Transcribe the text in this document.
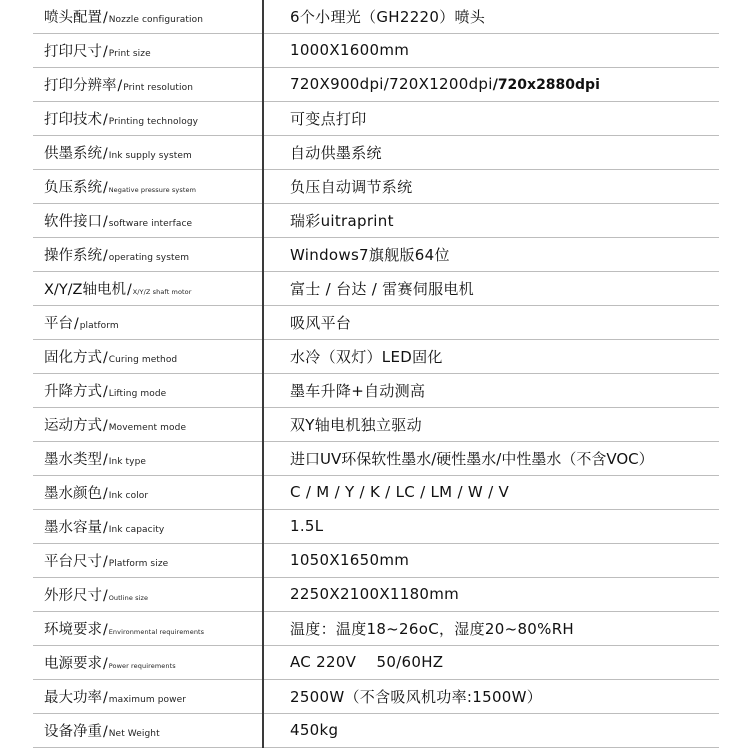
喷头配置/Nozzle configuration	6个小理光（GH2220）喷头
打印尺寸/Print size	1000X1600mm
打印分辨率/Print resolution	720X900dpi/720X1200dpi/720x2880dpi
打印技术/Printing technology	可变点打印
供墨系统/Ink supply system	自动供墨系统
负压系统/Negative pressure system	负压自动调节系统
软件接口/software interface	瑞彩uitraprint
操作系统/operating system	Windows7旗舰版64位
X/Y/Z轴电机/X/Y/Z shaft motor	富士 / 台达 / 雷赛伺服电机
平台/platform	吸风平台
固化方式/Curing method	水冷（双灯）LED固化
升降方式/Lifting mode	墨车升降+自动测高
运动方式/Movement mode	双Y轴电机独立驱动
墨水类型/Ink type	进口UV环保软性墨水/硬性墨水/中性墨水（不含VOC）
墨水颜色/Ink color	C / M / Y / K / LC / LM / W / V
墨水容量/Ink capacity	1.5L
平台尺寸/Platform size	1050X1650mm
外形尺寸/Outline size	2250X2100X1180mm
环境要求/Environmental requirements	温度：温度18~26oC，湿度20~80%RH
电源要求/Power requirements	AC 220V    50/60HZ
最大功率/maximum power	2500W（不含吸风机功率:1500W）
设备净重/Net Weight	450kg
